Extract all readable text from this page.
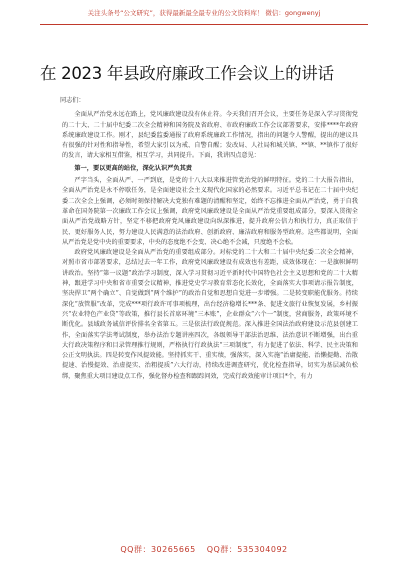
关注头条号“公文研究”，获得最新最全最专业的公文资料库！ 微信：gongwenyj
在 2023 年县政府廉政工作会议上的讲话

同志们：

全面从严治党永远在路上，党风廉政建设没有休止符。今天我们召开会议，主要任务是深入学习贯彻党的二十大、二十届中纪委二次全会精神和国务院及省政府、市政府廉政工作会议部署要求，安排****年政府系统廉政建设工作。刚才，县纪委监委通报了政府系统廉政工作情况，指出的问题令人警醒，提出的建议具有很强的针对性和指导性，希望大家引以为戒、自警自醒；发改局、人社局和城关镇、**镇、**镇作了很好的发言，请大家相互借鉴，相互学习，共同提升。下面，我讲四点意见：

第一，要以更高的站位，深化认识严负其责

严字当头，全面从严、一严到底，是党的十八大以来推进管党治党的鲜明特征。党的二十大报告指出，全面从严治党是永不停歇任务，是全面建设社会主义现代化国家的必然要求。习近平总书记在二十届中央纪委二次全会上强调，必须时刻保持解决大党独有难题的清醒和坚定，始终不忘推进全面从严治党，勇于自我革命在国务院第一次廉政工作会议上强调，政府党风廉政建设是全面从严治党重要组成部分，要深入贯彻全面从严治党战略方针，坚定不移把政府党风廉政建设向纵深推进，提升政府公信力和执行力，真正取信于民、更好服务人民，努力建设人民满意的法治政府、创新政府、廉洁政府和服务型政府。这些都说明，全面从严治党是党中央的重要要求，中央的态度绝不会变、决心绝不会减，只度绝不会松。

政府党风廉政建设是全面从严治党的重要组成部分。对标党的二十大和二十届中央纪委二次全会精神，对照市省市部署要求，总结过去一年工作，政府党风廉政建设有成效也有差距，成效体现在：一是旗帜鲜明讲政治。坚持“第一议题”政治学习制度，深入学习贯彻习近平新时代中国特色社会主义思想和党的二十大精神，跟进学习中央和省市重要会议精神，推进党史学习教育常态化长效化，全面落实大事项请示报告制度，坚决捍卫“两个确立”、自觉做到“两个维护”的政治自觉和思想自觉进一步增强。二是转变职能优服务。持续深化“放管服”改革，完成***项行政许可事项梳理，出台经济稳增长***条、促进文旅行业恢复发展，乡村振兴“农业特色产业贷”等政策，推行县长首席环境“三本账”，企业群众“六个一”制度，营商服务，政策环境不断优化。县域政务诚信评价排名全省第五。三是依法行政促规范。深入推进全国法治政府建设示范县创建工作，全面落实学法考试制度，举办法治专题讲座四次，各级领导干部法治思维、法治意识不断增强，出台重大行政决策程序和目录管理推行规则，严格执行行政执法“三项制度”，有力促进了依法、科学、民主决策和公正文明执法。四是转变作风提效能。坚持抓实干、重实绩，强落实，深入实施“治庸提能、治懒提勤、治散提速、治慢提效、治虚提实、治粗提质”六大行动，持续改进调查研究，优化检查指导，切实为基层减负松绑，聚焦重大项目建设点工作，强化督办检查和跟踪问效，完成行政效能审计项目*个，有力

QQ群：30265665 QQ群：535304092
